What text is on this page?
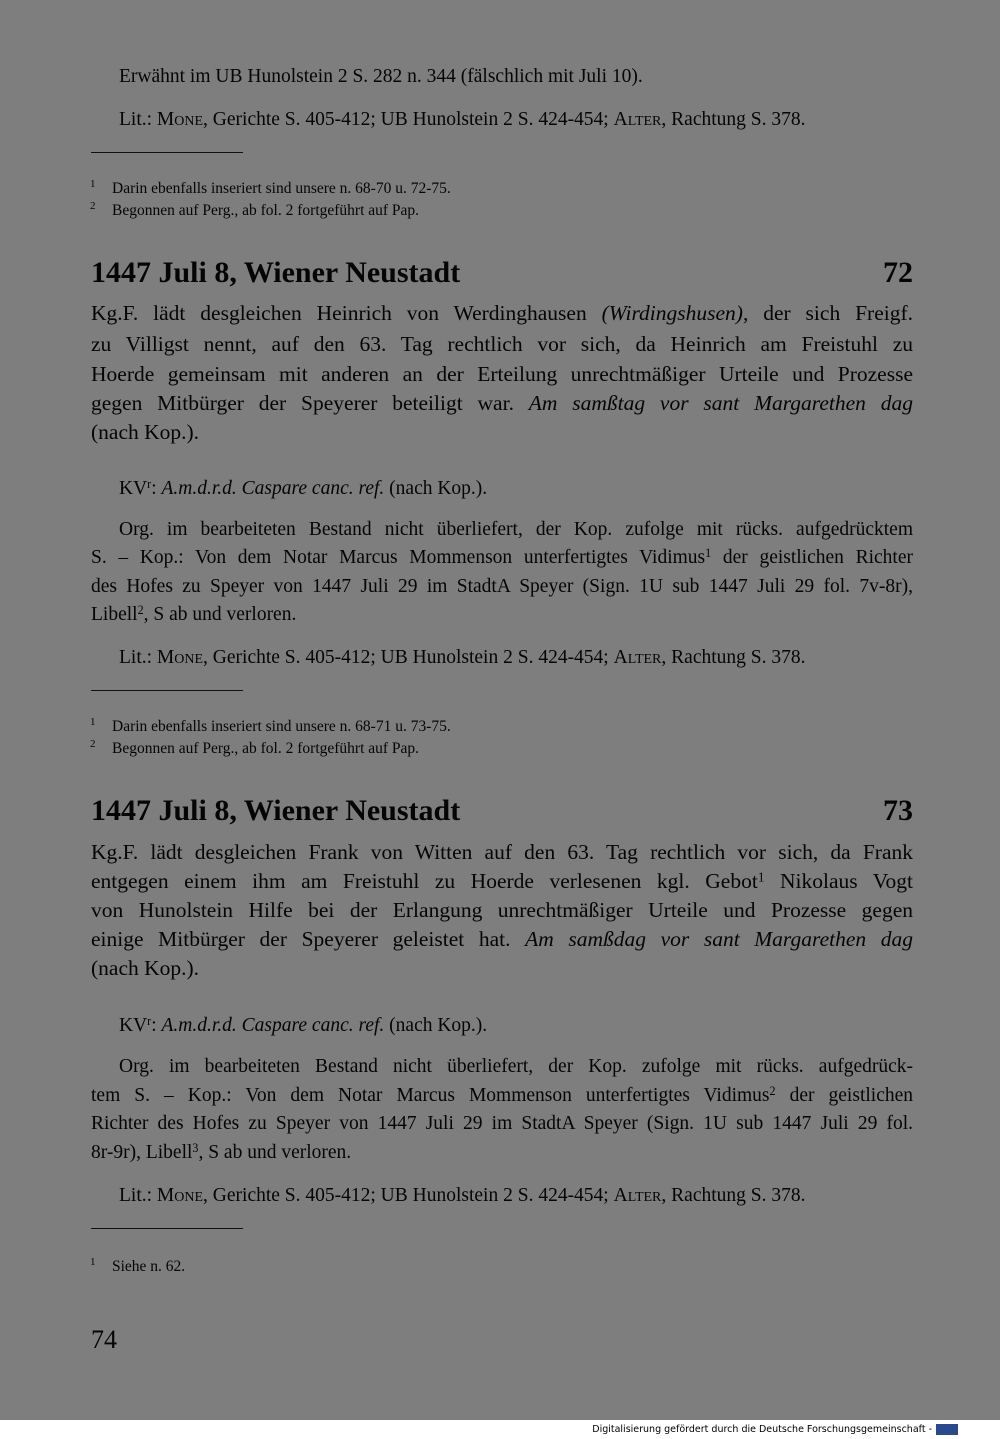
Erwähnt im UB Hunolstein 2 S. 282 n. 344 (fälschlich mit Juli 10).
Lit.: Mone, Gerichte S. 405-412; UB Hunolstein 2 S. 424-454; Alter, Rachtung S. 378.
1 Darin ebenfalls inseriert sind unsere n. 68-70 u. 72-75.
2 Begonnen auf Perg., ab fol. 2 fortgeführt auf Pap.
1447 Juli 8, Wiener Neustadt	72
Kg.F. lädt desgleichen Heinrich von Werdinghausen (Wirdingshusen), der sich Freigf.
zu Villigst nennt, auf den 63. Tag rechtlich vor sich, da Heinrich am Freistuhl zu
Hoerde gemeinsam mit anderen an der Erteilung unrechtmäßiger Urteile und Prozesse
gegen Mitbürger der Speyerer beteiligt war. Am samßtag vor sant Margarethen dag
(nach Kop.).
$KV^r$: A.m.d.r.d. Caspare canc. ref. (nach Kop.).
Org. im bearbeiteten Bestand nicht überliefert, der Kop. zufolge mit rücks. aufgedrücktem
S. – Kop.: Von dem Notar Marcus Mommenson unterfertigtes Vidimus$^1$ der geistlichen Richter
des Hofes zu Speyer von 1447 Juli 29 im StadtA Speyer (Sign. 1U sub 1447 Juli 29 fol. 7v-8r),
Libell$^2$, S ab und verloren.
Lit.: Mone, Gerichte S. 405-412; UB Hunolstein 2 S. 424-454; Alter, Rachtung S. 378.
1 Darin ebenfalls inseriert sind unsere n. 68-71 u. 73-75.
2 Begonnen auf Perg., ab fol. 2 fortgeführt auf Pap.
1447 Juli 8, Wiener Neustadt	73
Kg.F. lädt desgleichen Frank von Witten auf den 63. Tag rechtlich vor sich, da Frank
entgegen einem ihm am Freistuhl zu Hoerde verlesenen kgl. Gebot$^1$ Nikolaus Vogt
von Hunolstein Hilfe bei der Erlangung unrechtmäßiger Urteile und Prozesse gegen
einige Mitbürger der Speyerer geleistet hat. Am samßdag vor sant Margarethen dag
(nach Kop.).
$KV^r$: A.m.d.r.d. Caspare canc. ref. (nach Kop.).
Org. im bearbeiteten Bestand nicht überliefert, der Kop. zufolge mit rücks. aufgedrück-
tem S. – Kop.: Von dem Notar Marcus Mommenson unterfertigtes Vidimus$^2$ der geistlichen
Richter des Hofes zu Speyer von 1447 Juli 29 im StadtA Speyer (Sign. 1U sub 1447 Juli 29 fol.
8r-9r), Libell$^3$, S ab und verloren.
Lit.: Mone, Gerichte S. 405-412; UB Hunolstein 2 S. 424-454; Alter, Rachtung S. 378.
1 Siehe n. 62.
74
Digitalisierung gefördert durch die Deutsche Forschungsgemeinschaft -
